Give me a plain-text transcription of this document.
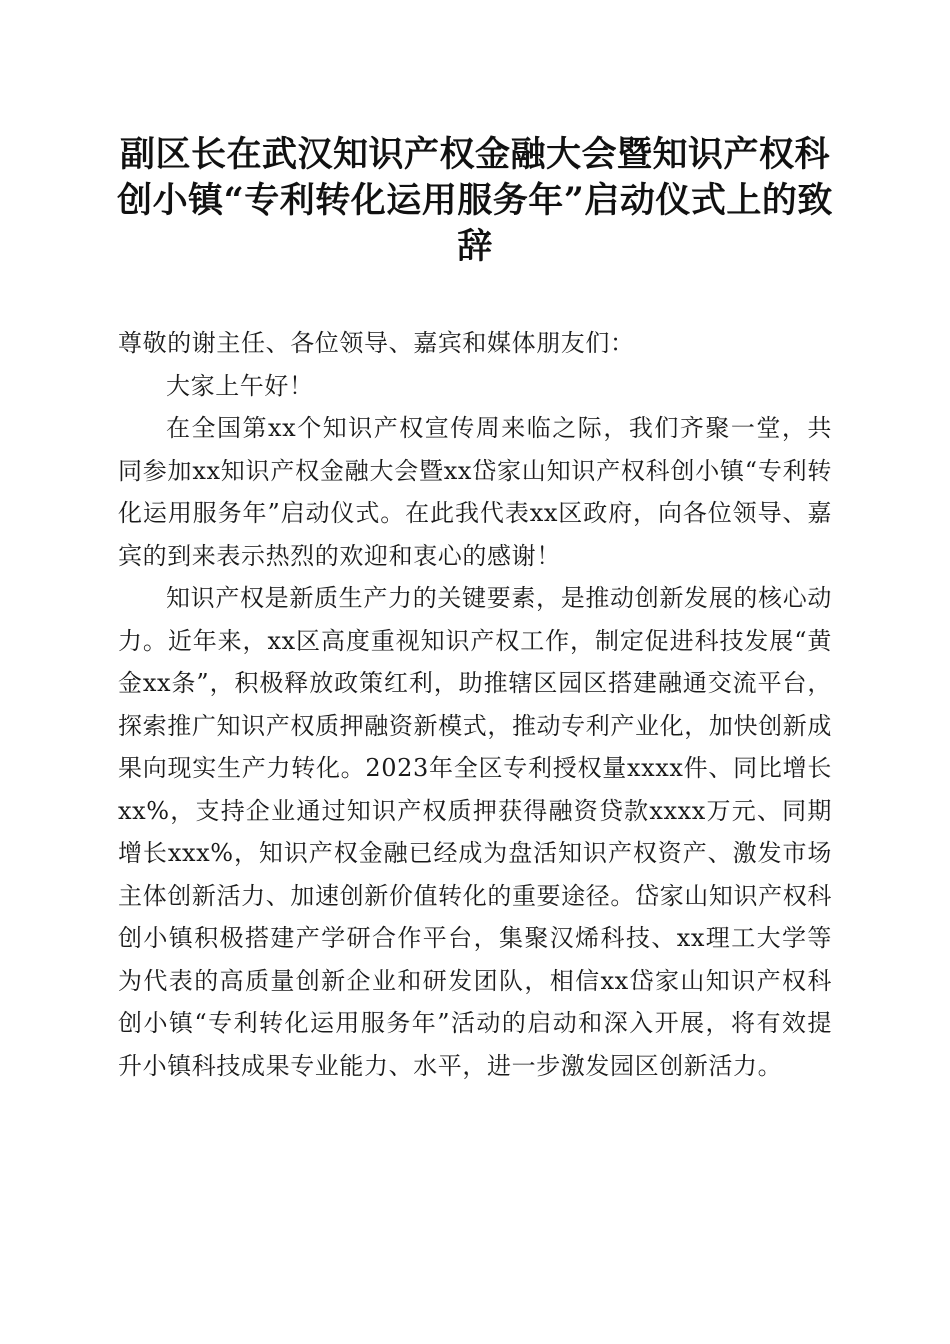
副区长在武汉知识产权金融大会暨知识产权科创小镇“专利转化运用服务年”启动仪式上的致辞

尊敬的谢主任、各位领导、嘉宾和媒体朋友们：

大家上午好！

在全国第xx个知识产权宣传周来临之际，我们齐聚一堂，共同参加xx知识产权金融大会暨xx岱家山知识产权科创小镇“专利转化运用服务年”启动仪式。在此我代表xx区政府，向各位领导、嘉宾的到来表示热烈的欢迎和衷心的感谢！

知识产权是新质生产力的关键要素，是推动创新发展的核心动力。近年来，xx区高度重视知识产权工作，制定促进科技发展“黄金xx条”，积极释放政策红利，助推辖区园区搭建融通交流平台，探索推广知识产权质押融资新模式，推动专利产业化，加快创新成果向现实生产力转化。2023年全区专利授权量xxxx件、同比增长xx%，支持企业通过知识产权质押获得融资贷款xxxx万元、同期增长xxx%，知识产权金融已经成为盘活知识产权资产、激发市场主体创新活力、加速创新价值转化的重要途径。岱家山知识产权科创小镇积极搭建产学研合作平台，集聚汉烯科技、xx理工大学等为代表的高质量创新企业和研发团队，相信xx岱家山知识产权科创小镇“专利转化运用服务年”活动的启动和深入开展，将有效提升小镇科技成果专业能力、水平，进一步激发园区创新活力。
